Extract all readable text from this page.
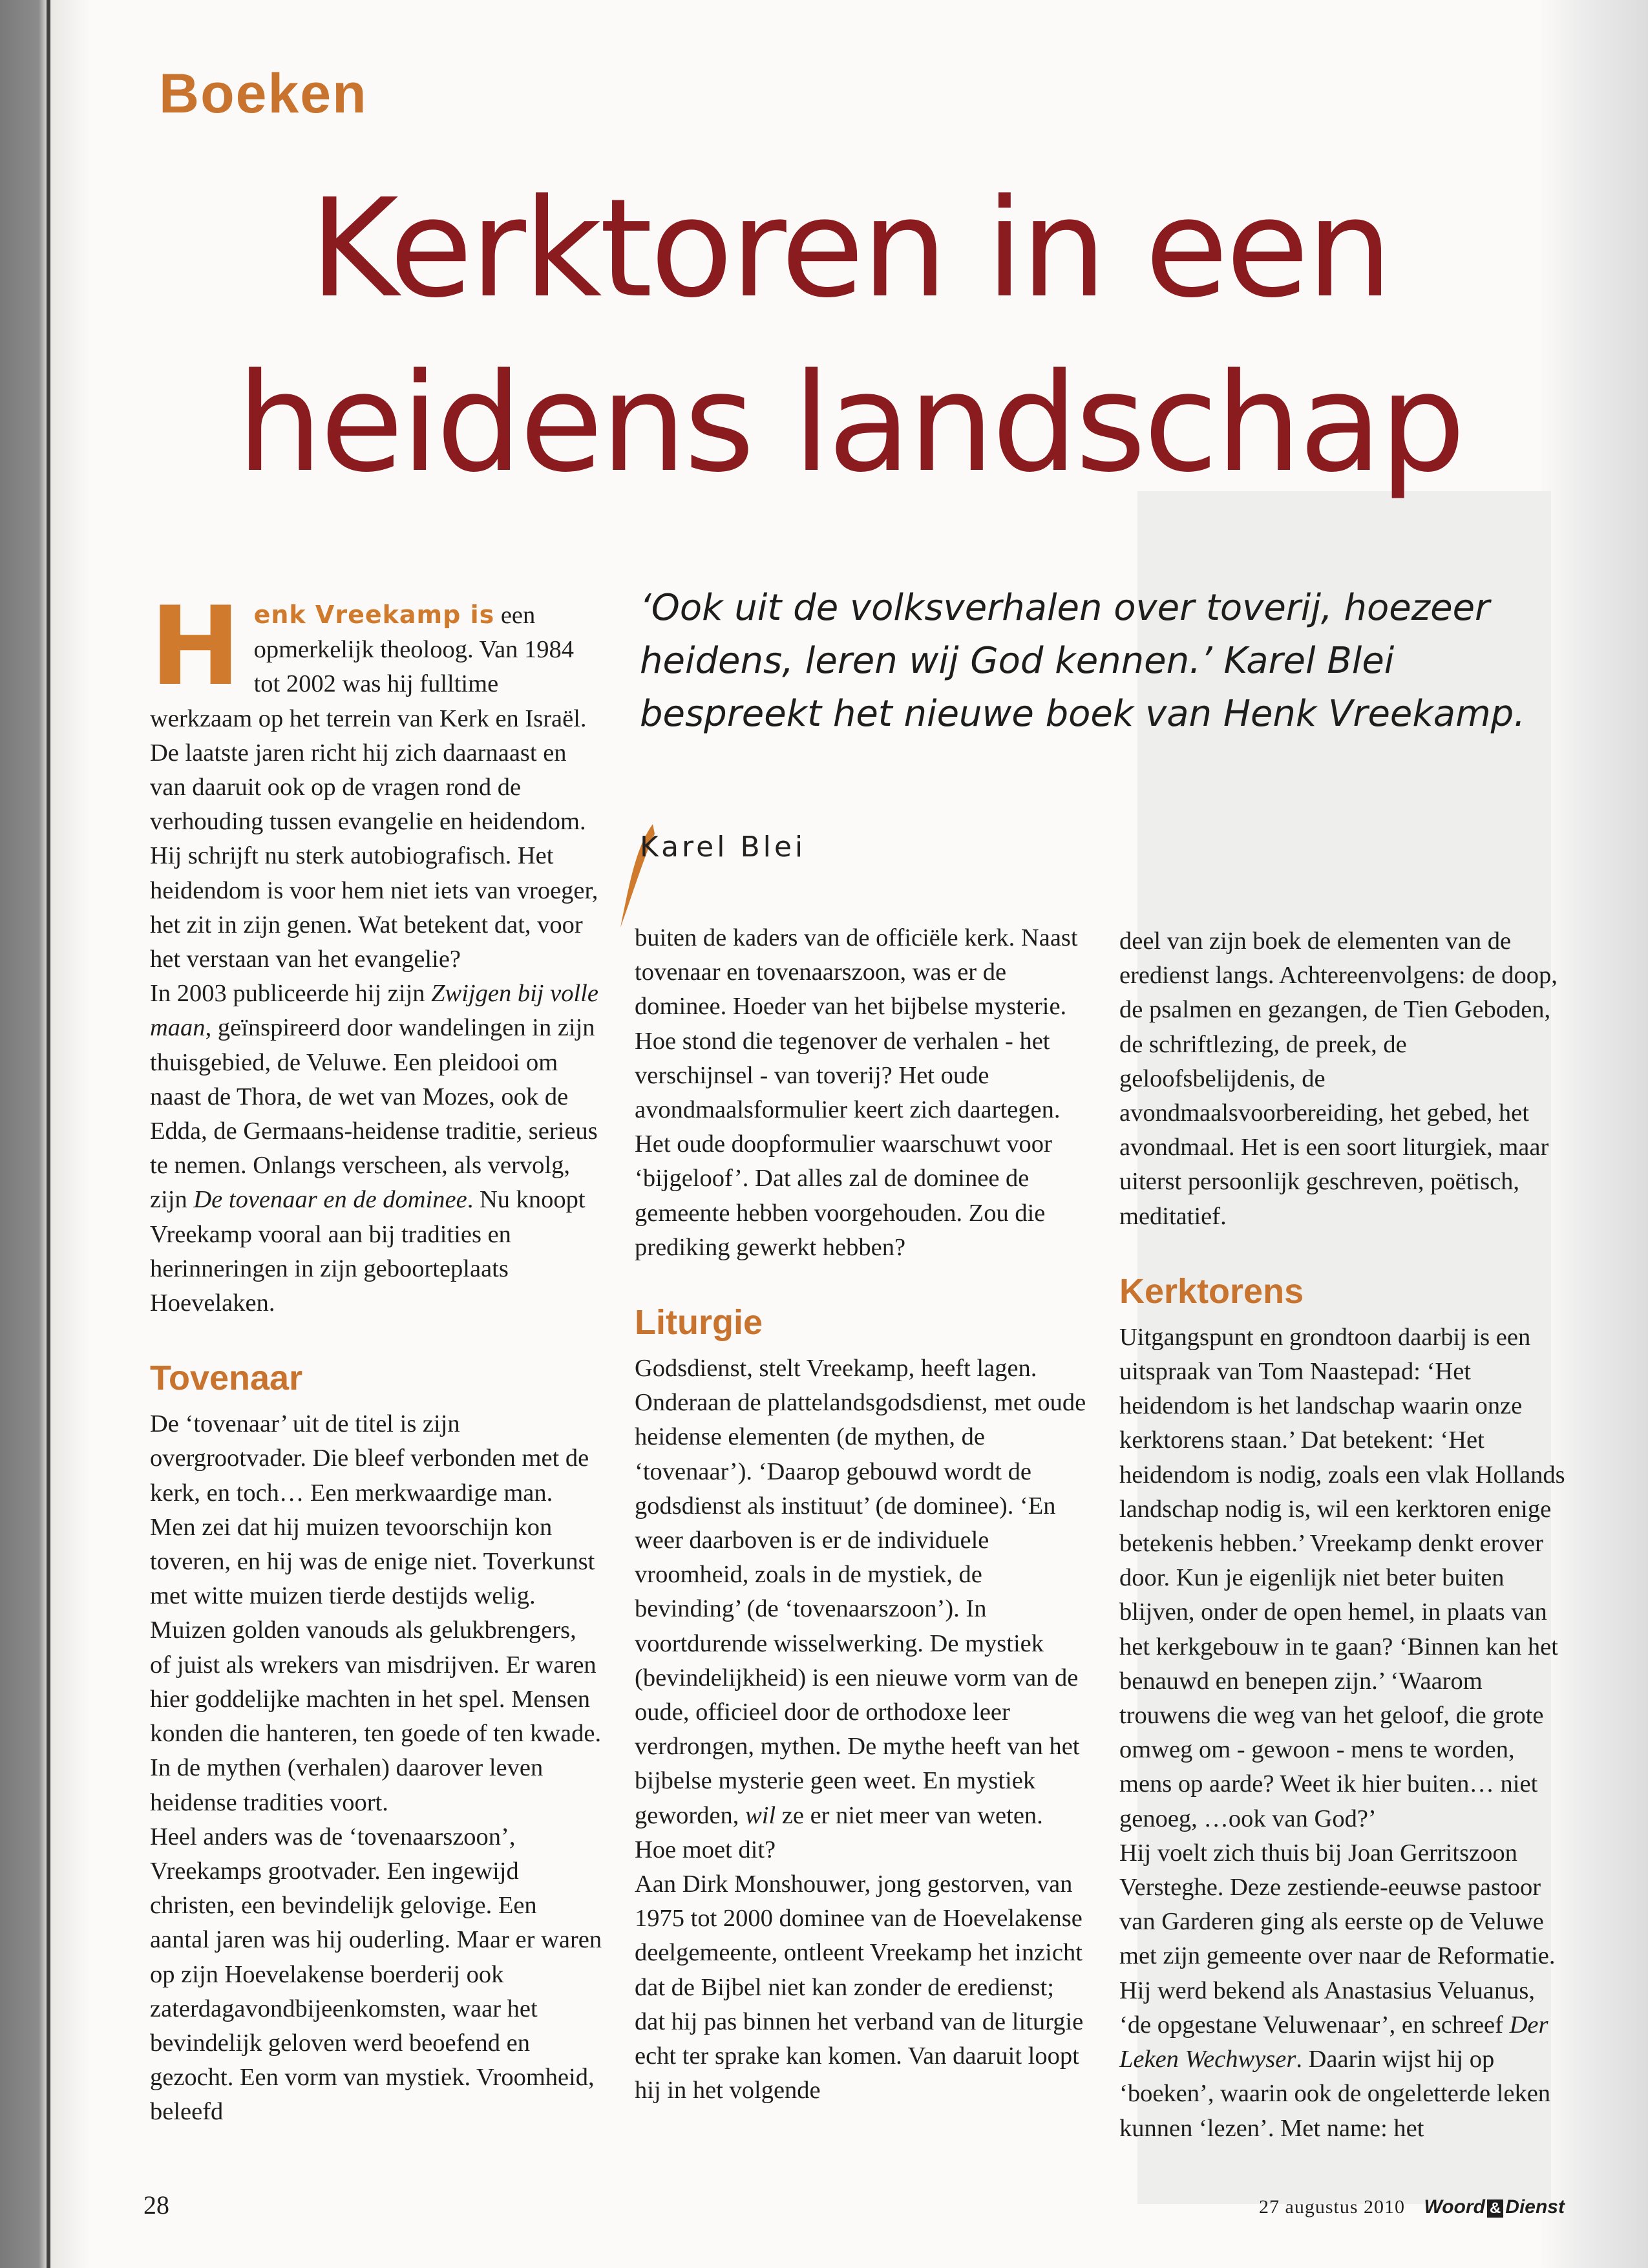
Boeken
Kerktoren in een
heidens landschap

‘Ook uit de volksverhalen over toverij, hoezeer heidens, leren wij God kennen.’ Karel Blei bespreekt het nieuwe boek van Henk Vreekamp.

Karel Blei

Henk Vreekamp is een opmerkelijk theoloog. Van 1984 tot 2002 was hij fulltime werkzaam op het terrein van Kerk en Israël. De laatste jaren richt hij zich daarnaast en van daaruit ook op de vragen rond de verhouding tussen evangelie en heidendom. Hij schrijft nu sterk autobiografisch. Het heidendom is voor hem niet iets van vroeger, het zit in zijn genen. Wat betekent dat, voor het verstaan van het evangelie?

In 2003 publiceerde hij zijn Zwijgen bij volle maan, geïnspireerd door wandelingen in zijn thuisgebied, de Veluwe. Een pleidooi om naast de Thora, de wet van Mozes, ook de Edda, de Germaans-heidense traditie, serieus te nemen. Onlangs verscheen, als vervolg, zijn De tovenaar en de dominee. Nu knoopt Vreekamp vooral aan bij tradities en herinneringen in zijn geboorteplaats Hoevelaken.

Tovenaar

De ‘tovenaar’ uit de titel is zijn overgrootvader. Die bleef verbonden met de kerk, en toch… Een merkwaardige man. Men zei dat hij muizen tevoorschijn kon toveren, en hij was de enige niet. Toverkunst met witte muizen tierde destijds welig. Muizen golden vanouds als gelukbrengers, of juist als wrekers van misdrijven. Er waren hier goddelijke machten in het spel. Mensen konden die hanteren, ten goede of ten kwade. In de mythen (verhalen) daarover leven heidense tradities voort.

Heel anders was de ‘tovenaarszoon’, Vreekamps grootvader. Een ingewijd christen, een bevindelijk gelovige. Een aantal jaren was hij ouderling. Maar er waren op zijn Hoevelakense boerderij ook zaterdagavondbijeenkomsten, waar het bevindelijk geloven werd beoefend en gezocht. Een vorm van mystiek. Vroomheid, beleefd

buiten de kaders van de officiële kerk. Naast tovenaar en tovenaarszoon, was er de dominee. Hoeder van het bijbelse mysterie. Hoe stond die tegenover de verhalen - het verschijnsel - van toverij? Het oude avondmaalsformulier keert zich daartegen. Het oude doopformulier waarschuwt voor ‘bijgeloof’. Dat alles zal de dominee de gemeente hebben voorgehouden. Zou die prediking gewerkt hebben?

Liturgie

Godsdienst, stelt Vreekamp, heeft lagen. Onderaan de plattelandsgodsdienst, met oude heidense elementen (de mythen, de ‘tovenaar’). ‘Daarop gebouwd wordt de godsdienst als instituut’ (de dominee). ‘En weer daarboven is er de individuele vroomheid, zoals in de mystiek, de bevinding’ (de ‘tovenaarszoon’). In voortdurende wisselwerking. De mystiek (bevindelijkheid) is een nieuwe vorm van de oude, officieel door de orthodoxe leer verdrongen, mythen. De mythe heeft van het bijbelse mysterie geen weet. En mystiek geworden, wil ze er niet meer van weten. Hoe moet dit?

Aan Dirk Monshouwer, jong gestorven, van 1975 tot 2000 dominee van de Hoevelakense deelgemeente, ontleent Vreekamp het inzicht dat de Bijbel niet kan zonder de eredienst; dat hij pas binnen het verband van de liturgie echt ter sprake kan komen. Van daaruit loopt hij in het volgende

deel van zijn boek de elementen van de eredienst langs. Achtereenvolgens: de doop, de psalmen en gezangen, de Tien Geboden, de schriftlezing, de preek, de geloofsbelijdenis, de avondmaalsvoorbereiding, het gebed, het avondmaal. Het is een soort liturgiek, maar uiterst persoonlijk geschreven, poëtisch, meditatief.

Kerktorens

Uitgangspunt en grondtoon daarbij is een uitspraak van Tom Naastepad: ‘Het heidendom is het landschap waarin onze kerktorens staan.’ Dat betekent: ‘Het heidendom is nodig, zoals een vlak Hollands landschap nodig is, wil een kerktoren enige betekenis hebben.’ Vreekamp denkt erover door. Kun je eigenlijk niet beter buiten blijven, onder de open hemel, in plaats van het kerkgebouw in te gaan? ‘Binnen kan het benauwd en benepen zijn.’ ‘Waarom trouwens die weg van het geloof, die grote omweg om - gewoon - mens te worden, mens op aarde? Weet ik hier buiten… niet genoeg, …ook van God?’

Hij voelt zich thuis bij Joan Gerritszoon Versteghe. Deze zestiende-eeuwse pastoor van Garderen ging als eerste op de Veluwe met zijn gemeente over naar de Reformatie. Hij werd bekend als Anastasius Veluanus, ‘de opgestane Veluwenaar’, en schreef Der Leken Wechwyser. Daarin wijst hij op ‘boeken’, waarin ook de ongeletterde leken kunnen ‘lezen’. Met name: het

28	27 augustus 2010 Woord & Dienst
